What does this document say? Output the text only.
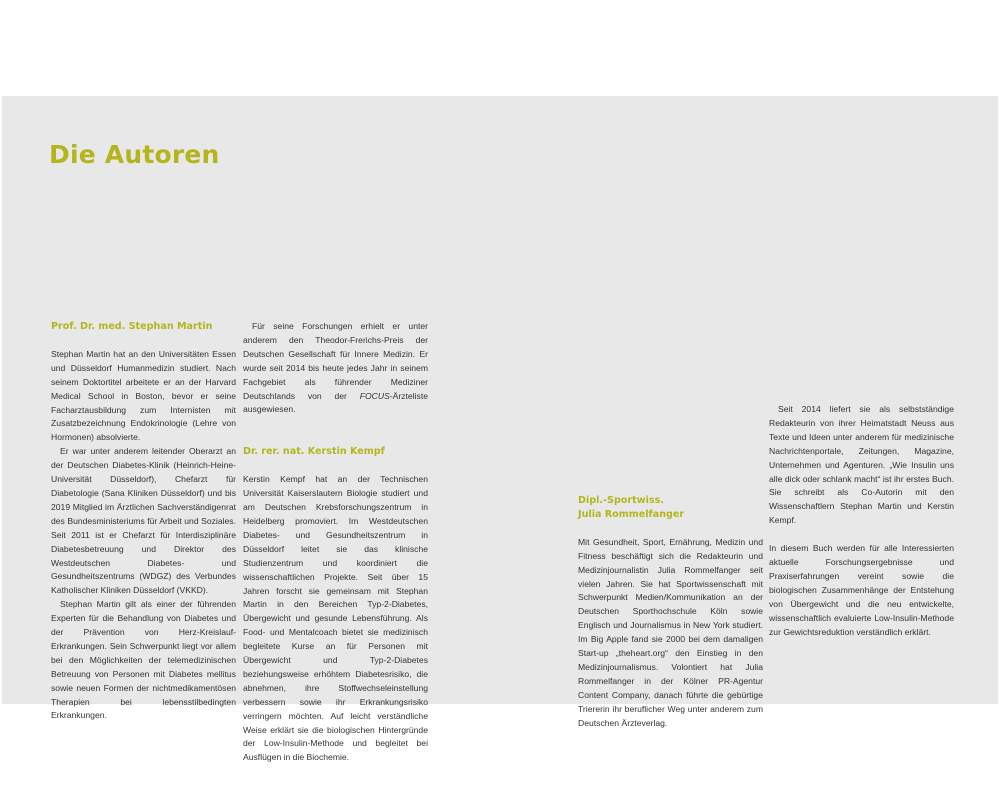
Die Autoren
Prof. Dr. med. Stephan Martin

Stephan Martin hat an den Universitäten Essen und Düsseldorf Humanmedizin studiert. Nach seinem Doktortitel arbeitete er an der Harvard Medical School in Boston, bevor er seine Facharztausbildung zum Internisten mit Zusatzbezeichnung Endokrinologie (Lehre von Hormonen) absolvierte.

Er war unter anderem leitender Oberarzt an der Deutschen Diabetes-Klinik (Heinrich-Heine-Universität Düsseldorf), Chefarzt für Diabetologie (Sana Kliniken Düsseldorf) und bis 2019 Mitglied im Ärztlichen Sachverständigenrat des Bundesministeriums für Arbeit und Soziales. Seit 2011 ist er Chefarzt für Interdisziplinäre Diabetesbetreuung und Direktor des Westdeutschen Diabetes- und Gesundheitszentrums (WDGZ) des Verbundes Katholischer Kliniken Düsseldorf (VKKD).

Stephan Martin gilt als einer der führenden Experten für die Behandlung von Diabetes und der Prävention von Herz-Kreislauf-Erkrankungen. Sein Schwerpunkt liegt vor allem bei den Möglichkeiten der telemedizinischen Betreuung von Personen mit Diabetes mellitus sowie neuen Formen der nichtmedikamentösen Therapien bei lebensstilbedingten Erkrankungen.

Für seine Forschungen erhielt er unter anderem den Theodor-Frerichs-Preis der Deutschen Gesellschaft für Innere Medizin. Er wurde seit 2014 bis heute jedes Jahr in seinem Fachgebiet als führender Mediziner Deutschlands von der FOCUS-Ärzteliste ausgewiesen.

Dr. rer. nat. Kerstin Kempf

Kerstin Kempf hat an der Technischen Universität Kaiserslautern Biologie studiert und am Deutschen Krebsforschungszentrum in Heidelberg promoviert. Im Westdeutschen Diabetes- und Gesundheitszentrum in Düsseldorf leitet sie das klinische Studienzentrum und koordiniert die wissenschaftlichen Projekte. Seit über 15 Jahren forscht sie gemeinsam mit Stephan Martin in den Bereichen Typ-2-Diabetes, Übergewicht und gesunde Lebensführung. Als Food- und Mentalcoach bietet sie medizinisch begleitete Kurse an für Personen mit Übergewicht und Typ-2-Diabetes beziehungsweise erhöhtem Diabetesrisiko, die abnehmen, ihre Stoffwechseleinstellung verbessern sowie ihr Erkrankungsrisiko verringern möchten. Auf leicht verständliche Weise erklärt sie die biologischen Hintergründe der Low-Insulin-Methode und begleitet bei Ausflügen in die Biochemie.

Dipl.-Sportwiss.
Julia Rommelfanger

Mit Gesundheit, Sport, Ernährung, Medizin und Fitness beschäftigt sich die Redakteurin und Medizinjournalistin Julia Rommelfanger seit vielen Jahren. Sie hat Sportwissenschaft mit Schwerpunkt Medien/Kommunikation an der Deutschen Sporthochschule Köln sowie Englisch und Journalismus in New York studiert. Im Big Apple fand sie 2000 bei dem damaligen Start-up „theheart.org“ den Einstieg in den Medizinjournalismus. Volontiert hat Julia Rommelfanger in der Kölner PR-Agentur Content Company, danach führte die gebürtige Triererin ihr beruflicher Weg unter anderem zum Deutschen Ärzteverlag.

Seit 2014 liefert sie als selbstständige Redakteurin von ihrer Heimatstadt Neuss aus Texte und Ideen unter anderem für medizinische Nachrichtenportale, Zeitungen, Magazine, Unternehmen und Agenturen. „Wie Insulin uns alle dick oder schlank macht“ ist ihr erstes Buch. Sie schreibt als Co-Autorin mit den Wissenschaftlern Stephan Martin und Kerstin Kempf.

In diesem Buch werden für alle Interessierten aktuelle Forschungsergebnisse und Praxiserfahrungen vereint sowie die biologischen Zusammenhänge der Entstehung von Übergewicht und die neu entwickelte, wissenschaftlich evaluierte Low-Insulin-Methode zur Gewichtsreduktion verständlich erklärt.
